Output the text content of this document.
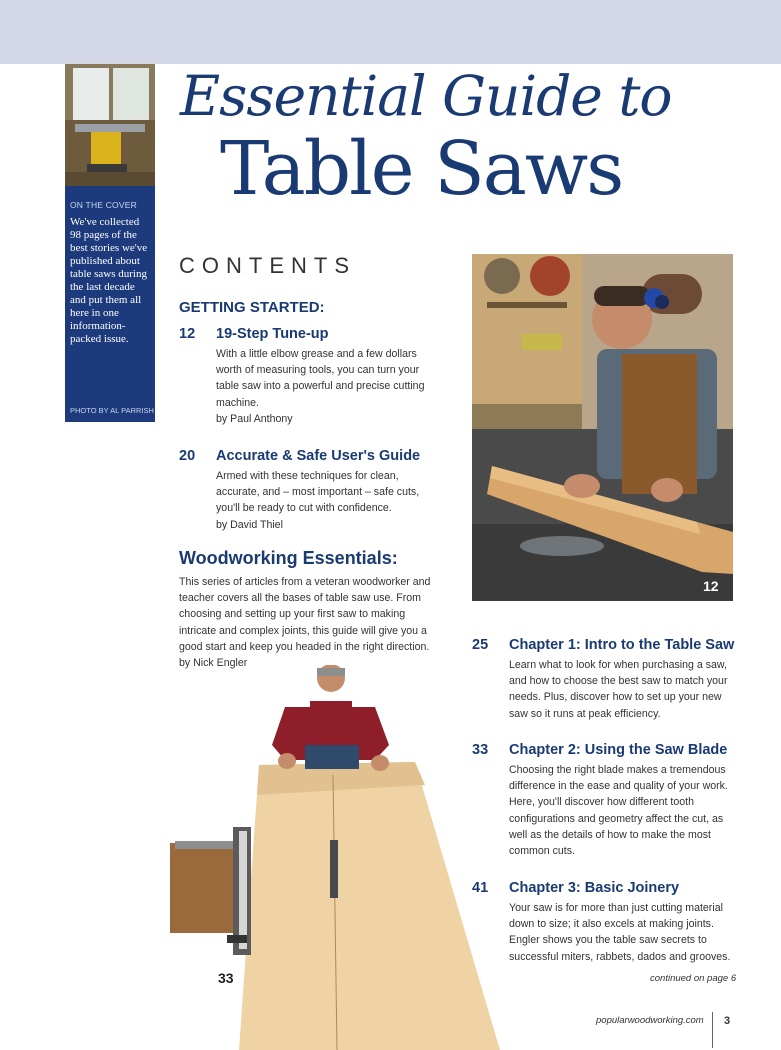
ON THE COVER
We've collected 98 pages of the best stories we've published about table saws during the last decade and put them all here in one information-packed issue.
PHOTO BY AL PARRISH
Essential Guide to
Table Saws
CONTENTS
GETTING STARTED:
12 19-Step Tune-up
With a little elbow grease and a few dollars worth of measuring tools, you can turn your table saw into a powerful and precise cutting machine.
by Paul Anthony
20 Accurate & Safe User's Guide
Armed with these techniques for clean, accurate, and – most important – safe cuts, you'll be ready to cut with confidence.
by David Thiel
Woodworking Essentials:
This series of articles from a veteran woodworker and teacher covers all the bases of table saw use. From choosing and setting up your first saw to making intricate and complex joints, this guide will give you a good start and keep you headed in the right direction.
by Nick Engler
12
33
25 Chapter 1: Intro to the Table Saw
Learn what to look for when purchasing a saw, and how to choose the best saw to match your needs. Plus, discover how to set up your new saw so it runs at peak efficiency.
33 Chapter 2: Using the Saw Blade
Choosing the right blade makes a tremendous difference in the ease and quality of your work. Here, you'll discover how different tooth configurations and geometry affect the cut, as well as the details of how to make the most common cuts.
41 Chapter 3: Basic Joinery
Your saw is for more than just cutting material down to size; it also excels at making joints. Engler shows you the table saw secrets to successful miters, rabbets, dados and grooves.
continued on page 6
popularwoodworking.com 3
